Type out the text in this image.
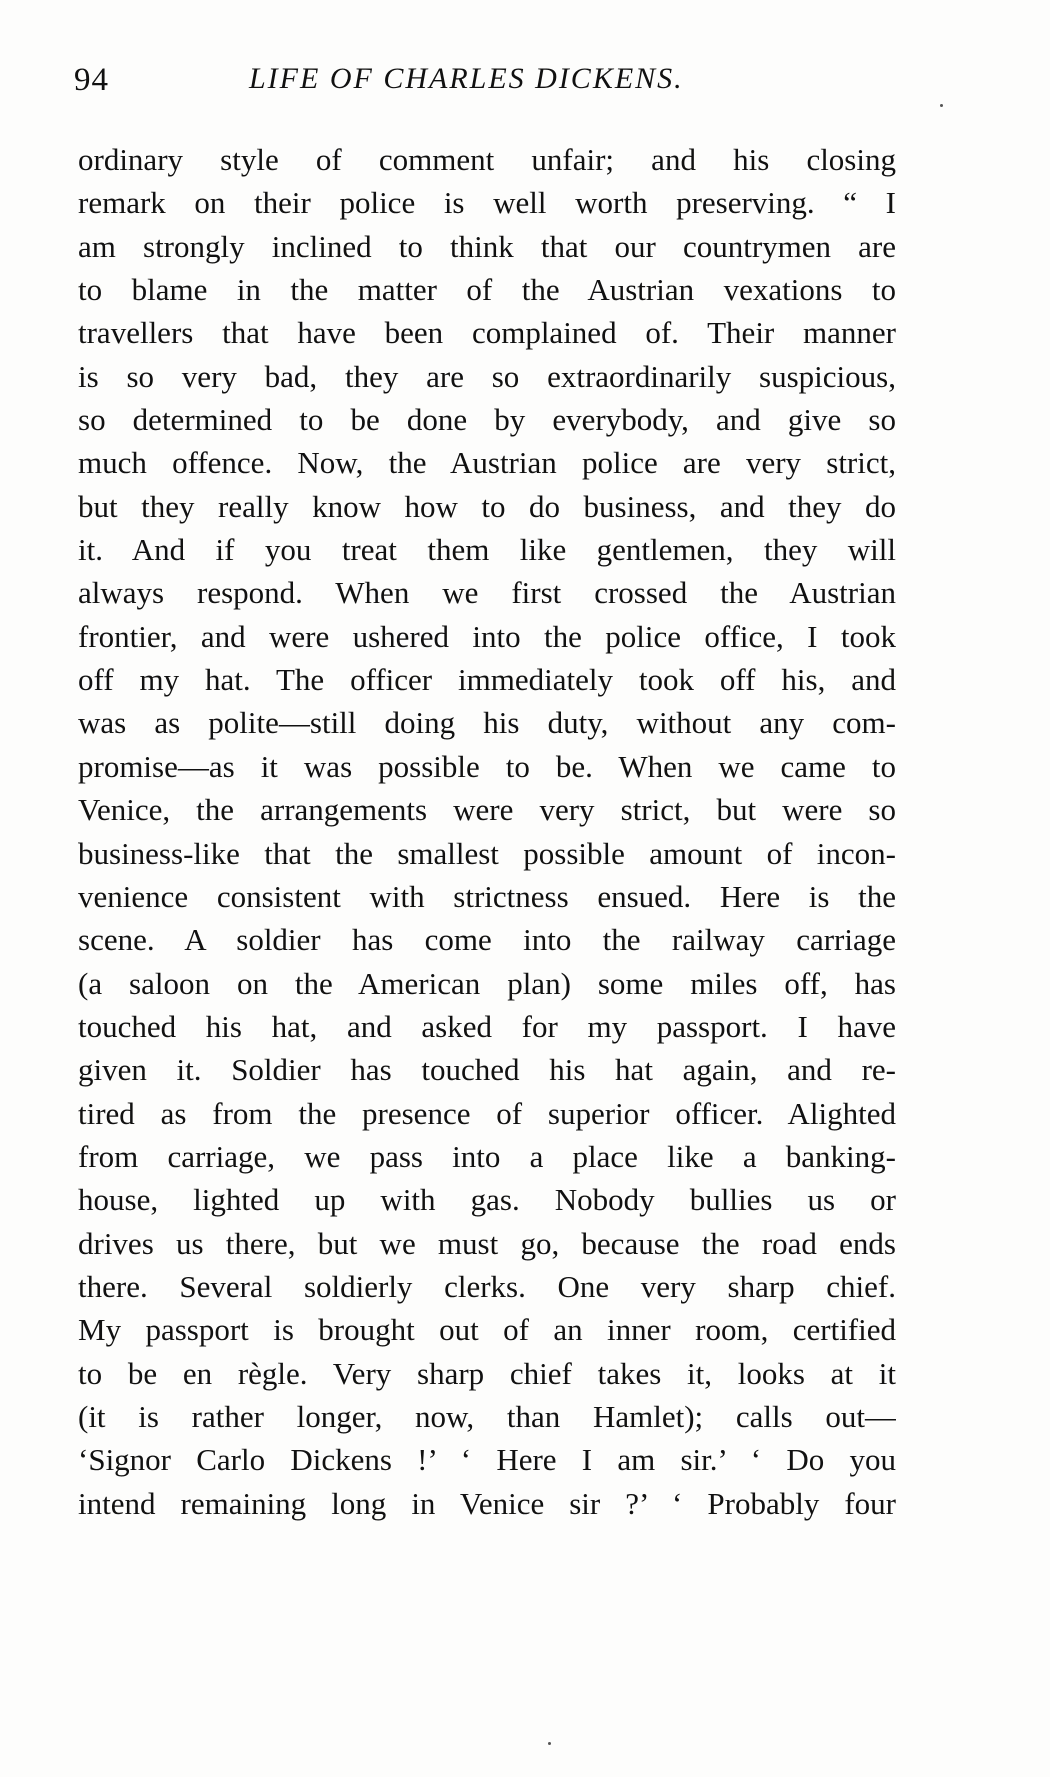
94	LIFE OF CHARLES DICKENS.
ordinary style of comment unfair; and his closing
remark on their police is well worth preserving. “ I
am strongly inclined to think that our countrymen are
to blame in the matter of the Austrian vexations to
travellers that have been complained of. Their manner
is so very bad, they are so extraordinarily suspicious,
so determined to be done by everybody, and give so
much offence. Now, the Austrian police are very strict,
but they really know how to do business, and they do
it. And if you treat them like gentlemen, they will
always respond. When we first crossed the Austrian
frontier, and were ushered into the police office, I took
off my hat. The officer immediately took off his, and
was as polite—still doing his duty, without any com-
promise—as it was possible to be. When we came to
Venice, the arrangements were very strict, but were so
business-like that the smallest possible amount of incon-
venience consistent with strictness ensued. Here is the
scene. A soldier has come into the railway carriage
(a saloon on the American plan) some miles off, has
touched his hat, and asked for my passport. I have
given it. Soldier has touched his hat again, and re-
tired as from the presence of superior officer. Alighted
from carriage, we pass into a place like a banking-
house, lighted up with gas. Nobody bullies us or
drives us there, but we must go, because the road ends
there. Several soldierly clerks. One very sharp chief.
My passport is brought out of an inner room, certified
to be en règle. Very sharp chief takes it, looks at it
(it is rather longer, now, than Hamlet); calls out—
‘Signor Carlo Dickens !’ ‘ Here I am sir.’ ‘ Do you
intend remaining long in Venice sir ?’ ‘ Probably four
